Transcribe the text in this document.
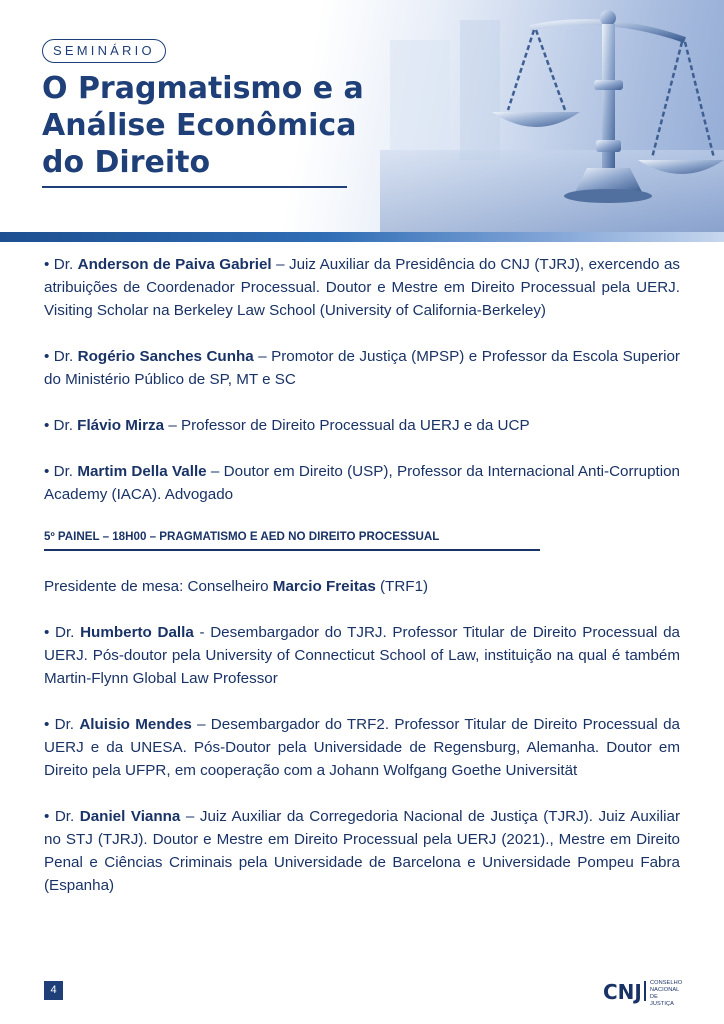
SEMINÁRIO
O Pragmatismo e a
Análise Econômica
do Direito

• Dr. Anderson de Paiva Gabriel – Juiz Auxiliar da Presidência do CNJ (TJRJ), exercendo as atribuições de Coordenador Processual. Doutor e Mestre em Direito Processual pela UERJ. Visiting Scholar na Berkeley Law School (University of California-Berkeley)

• Dr. Rogério Sanches Cunha – Promotor de Justiça (MPSP) e Professor da Escola Superior do Ministério Público de SP, MT e SC

• Dr. Flávio Mirza – Professor de Direito Processual da UERJ e da UCP

• Dr. Martim Della Valle – Doutor em Direito (USP), Professor da Internacional Anti-Corruption Academy (IACA). Advogado

5º PAINEL – 18H00 – PRAGMATISMO E AED NO DIREITO PROCESSUAL

Presidente de mesa: Conselheiro Marcio Freitas (TRF1)

• Dr. Humberto Dalla - Desembargador do TJRJ. Professor Titular de Direito Processual da UERJ. Pós-doutor pela University of Connecticut School of Law, instituição na qual é também Martin-Flynn Global Law Professor

• Dr. Aluisio Mendes – Desembargador do TRF2. Professor Titular de Direito Processual da UERJ e da UNESA. Pós-Doutor pela Universidade de Regensburg, Alemanha. Doutor em Direito pela UFPR, em cooperação com a Johann Wolfgang Goethe Universität

• Dr. Daniel Vianna – Juiz Auxiliar da Corregedoria Nacional de Justiça (TJRJ). Juiz Auxiliar no STJ (TJRJ). Doutor e Mestre em Direito Processual pela UERJ (2021)., Mestre em Direito Penal e Ciências Criminais pela Universidade de Barcelona e Universidade Pompeu Fabra (Espanha)

4	CNJ CONSELHO
NACIONAL
DE JUSTIÇA
